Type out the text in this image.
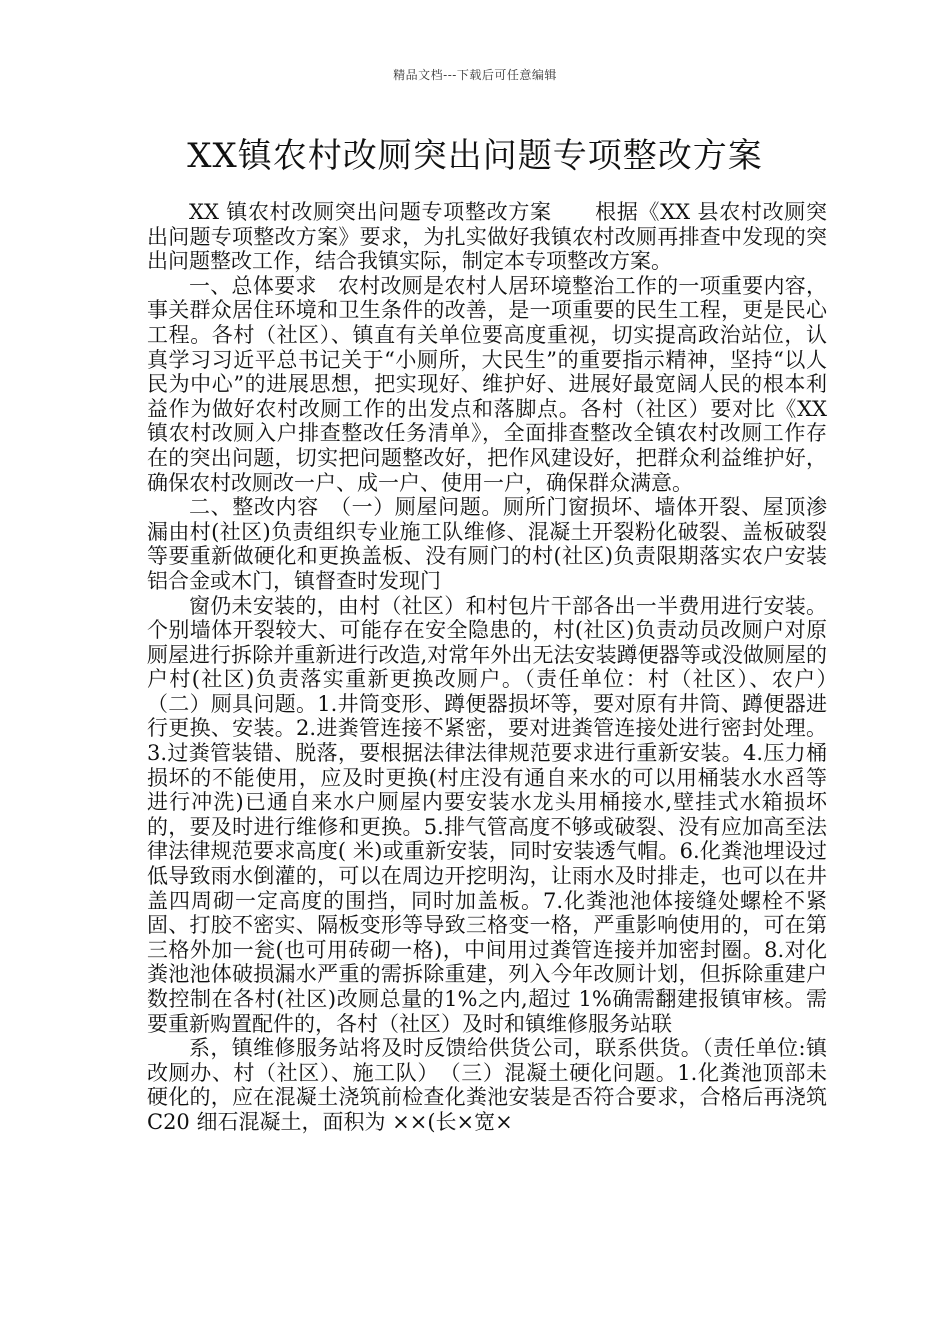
精品文档---下载后可任意编辑
XX镇农村改厕突出问题专项整改方案

XX 镇农村改厕突出问题专项整改方案　　根据《XX 县农村改厕突出问题专项整改方案》要求，为扎实做好我镇农村改厕再排查中发现的突出问题整改工作，结合我镇实际，制定本专项整改方案。

一、总体要求　农村改厕是农村人居环境整治工作的一项重要内容，事关群众居住环境和卫生条件的改善，是一项重要的民生工程，更是民心工程。各村（社区）、镇直有关单位要高度重视，切实提高政治站位，认真学习习近平总书记关于“小厕所，大民生”的重要指示精神，坚持“以人民为中心”的进展思想，把实现好、维护好、进展好最宽阔人民的根本利益作为做好农村改厕工作的出发点和落脚点。各村（社区）要对比《XX 镇农村改厕入户排查整改任务清单》，全面排查整改全镇农村改厕工作存在的突出问题，切实把问题整改好，把作风建设好，把群众利益维护好，确保农村改厕改一户、成一户、使用一户，确保群众满意。

二、整改内容　（一）厕屋问题。厕所门窗损坏、墙体开裂、屋顶渗漏由村(社区)负责组织专业施工队维修、混凝土开裂粉化破裂、盖板破裂等要重新做硬化和更换盖板、没有厕门的村(社区)负责限期落实农户安装铝合金或木门，镇督查时发现门

窗仍未安装的，由村（社区）和村包片干部各出一半费用进行安装。个别墙体开裂较大、可能存在安全隐患的，村(社区)负责动员改厕户对原厕屋进行拆除并重新进行改造,对常年外出无法安装蹲便器等或没做厕屋的户村(社区)负责落实重新更换改厕户。（责任单位：村（社区）、农户）　（二）厕具问题。1.井筒变形、蹲便器损坏等，要对原有井筒、蹲便器进行更换、安装。2.进粪管连接不紧密，要对进粪管连接处进行密封处理。3.过粪管装错、脱落，要根据法律法律规范要求进行重新安装。4.压力桶损坏的不能使用，应及时更换(村庄没有通自来水的可以用桶装水水舀等进行冲洗)已通自来水户厕屋内要安装水龙头用桶接水,壁挂式水箱损坏的，要及时进行维修和更换。5.排气管高度不够或破裂、没有应加高至法律法律规范要求高度( 米)或重新安装，同时安装透气帽。6.化粪池埋设过低导致雨水倒灌的，可以在周边开挖明沟，让雨水及时排走，也可以在井盖四周砌一定高度的围挡，同时加盖板。7.化粪池池体接缝处螺栓不紧固、打胶不密实、隔板变形等导致三格变一格，严重影响使用的，可在第三格外加一瓮(也可用砖砌一格)，中间用过粪管连接并加密封圈。8.对化粪池池体破损漏水严重的需拆除重建，列入今年改厕计划，但拆除重建户数控制在各村(社区)改厕总量的1%之内,超过 1%确需翻建报镇审核。需要重新购置配件的，各村（社区）及时和镇维修服务站联

系，镇维修服务站将及时反馈给供货公司，联系供货。（责任单位:镇改厕办、村（社区）、施工队）　（三）混凝土硬化问题。1.化粪池顶部未硬化的，应在混凝土浇筑前检查化粪池安装是否符合要求，合格后再浇筑 C20 细石混凝土，面积为 ××(长×宽×
